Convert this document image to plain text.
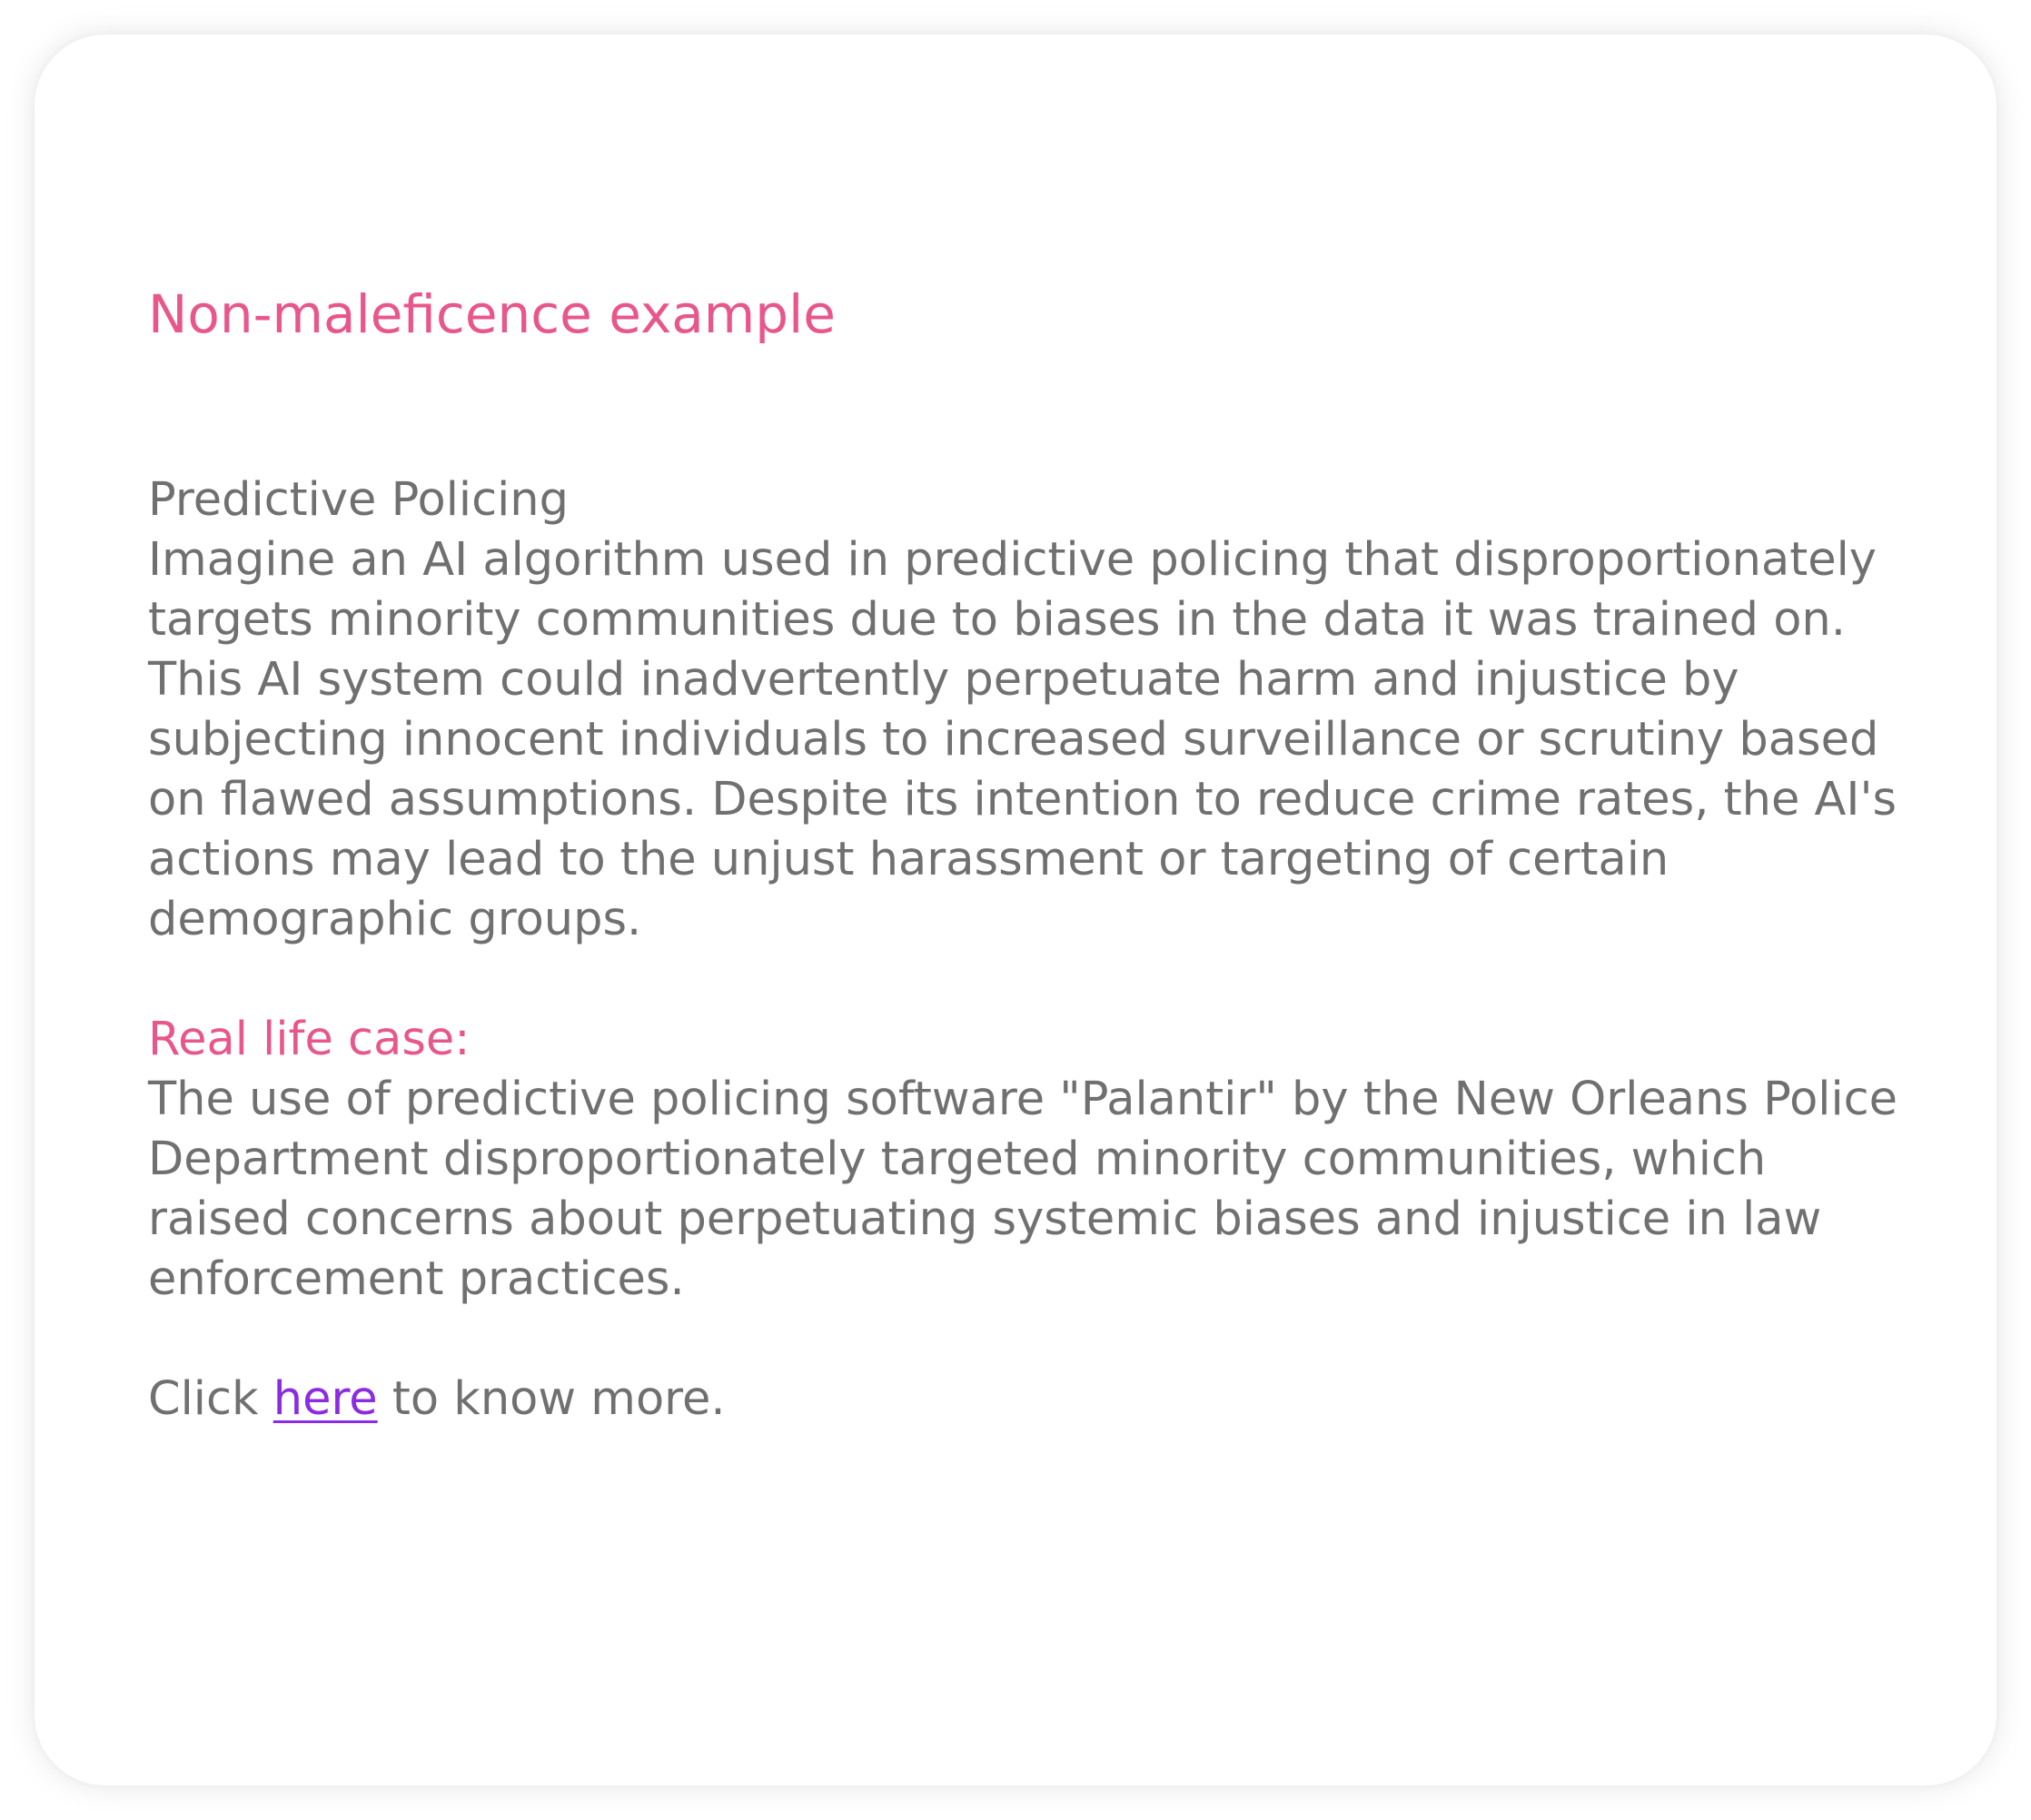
Non-maleficence example
Predictive Policing

Imagine an AI algorithm used in predictive policing that disproportionately targets minority communities due to biases in the data it was trained on. This AI system could inadvertently perpetuate harm and injustice by subjecting innocent individuals to increased surveillance or scrutiny based on flawed assumptions. Despite its intention to reduce crime rates, the AI's actions may lead to the unjust harassment or targeting of certain demographic groups.

Real life case:

The use of predictive policing software "Palantir" by the New Orleans Police Department disproportionately targeted minority communities, which raised concerns about perpetuating systemic biases and injustice in law enforcement practices.

Click here to know more.
